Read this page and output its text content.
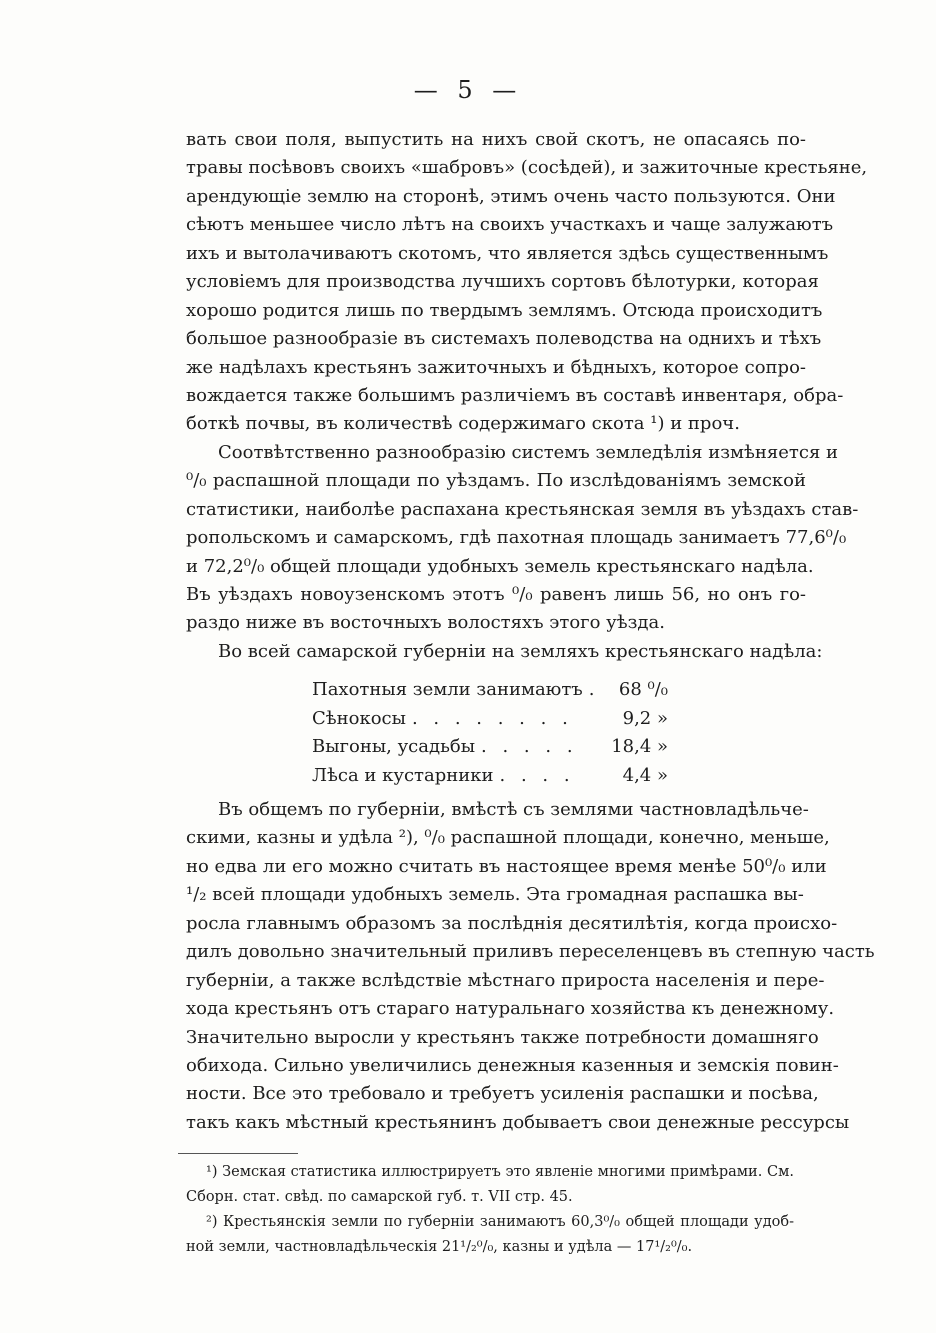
— 5 —
вать свои поля, выпустить на нихъ свой скотъ, не опасаясь по-
травы посѣвовъ своихъ «шабровъ» (сосѣдей), и зажиточные крестьяне,
арендующіе землю на сторонѣ, этимъ очень часто пользуются. Они
сѣютъ меньшее число лѣтъ на своихъ участкахъ и чаще залужаютъ
ихъ и вытолачиваютъ скотомъ, что является здѣсь существеннымъ
условіемъ для производства лучшихъ сортовъ бѣлотурки, которая
хорошо родится лишь по твердымъ землямъ. Отсюда происходитъ
большое разнообразіе въ системахъ полеводства на однихъ и тѣхъ
же надѣлахъ крестьянъ зажиточныхъ и бѣдныхъ, которое сопро-
вождается также большимъ различіемъ въ составѣ инвентаря, обра-
боткѣ почвы, въ количествѣ содержимаго скота ¹) и проч.
Соотвѣтственно разнообразію системъ земледѣлія измѣняется и
⁰/₀ распашной площади по уѣздамъ. По изслѣдованіямъ земской
статистики, наиболѣе распахана крестьянская земля въ уѣздахъ став-
ропольскомъ и самарскомъ, гдѣ пахотная площадь занимаетъ 77,6⁰/₀
и 72,2⁰/₀ общей площади удобныхъ земель крестьянскаго надѣла.
Въ уѣздахъ новоузенскомъ этотъ ⁰/₀ равенъ лишь 56, но онъ го-
раздо ниже въ восточныхъ волостяхъ этого уѣзда.
Во всей самарской губерніи на земляхъ крестьянскаго надѣла:
Пахотныя земли занимаютъ .	68 ⁰/₀
Сѣнокосы . . . . . . . .	9,2 »
Выгоны, усадьбы . . . . .	18,4 »
Лѣса и кустарники . . . .	4,4 »
Въ общемъ по губерніи, вмѣстѣ съ землями частновладѣльче-
скими, казны и удѣла ²), ⁰/₀ распашной площади, конечно, меньше,
но едва ли его можно считать въ настоящее время менѣе 50⁰/₀ или
¹/₂ всей площади удобныхъ земель. Эта громадная распашка вы-
росла главнымъ образомъ за послѣднія десятилѣтія, когда происхо-
дилъ довольно значительный приливъ переселенцевъ въ степную часть
губерніи, а также вслѣдствіе мѣстнаго прироста населенія и пере-
хода крестьянъ отъ стараго натуральнаго хозяйства къ денежному.
Значительно выросли у крестьянъ также потребности домашняго
обихода. Сильно увеличились денежныя казенныя и земскія повин-
ности. Все это требовало и требуетъ усиленія распашки и посѣва,
такъ какъ мѣстный крестьянинъ добываетъ свои денежные рессурсы
¹) Земская статистика иллюстрируетъ это явленіе многими примѣрами. См.
Сборн. стат. свѣд. по самарской губ. т. VII стр. 45.
²) Крестьянскія земли по губерніи занимаютъ 60,3⁰/₀ общей площади удоб-
ной земли, частновладѣльческія 21¹/₂⁰/₀, казны и удѣла — 17¹/₂⁰/₀.
